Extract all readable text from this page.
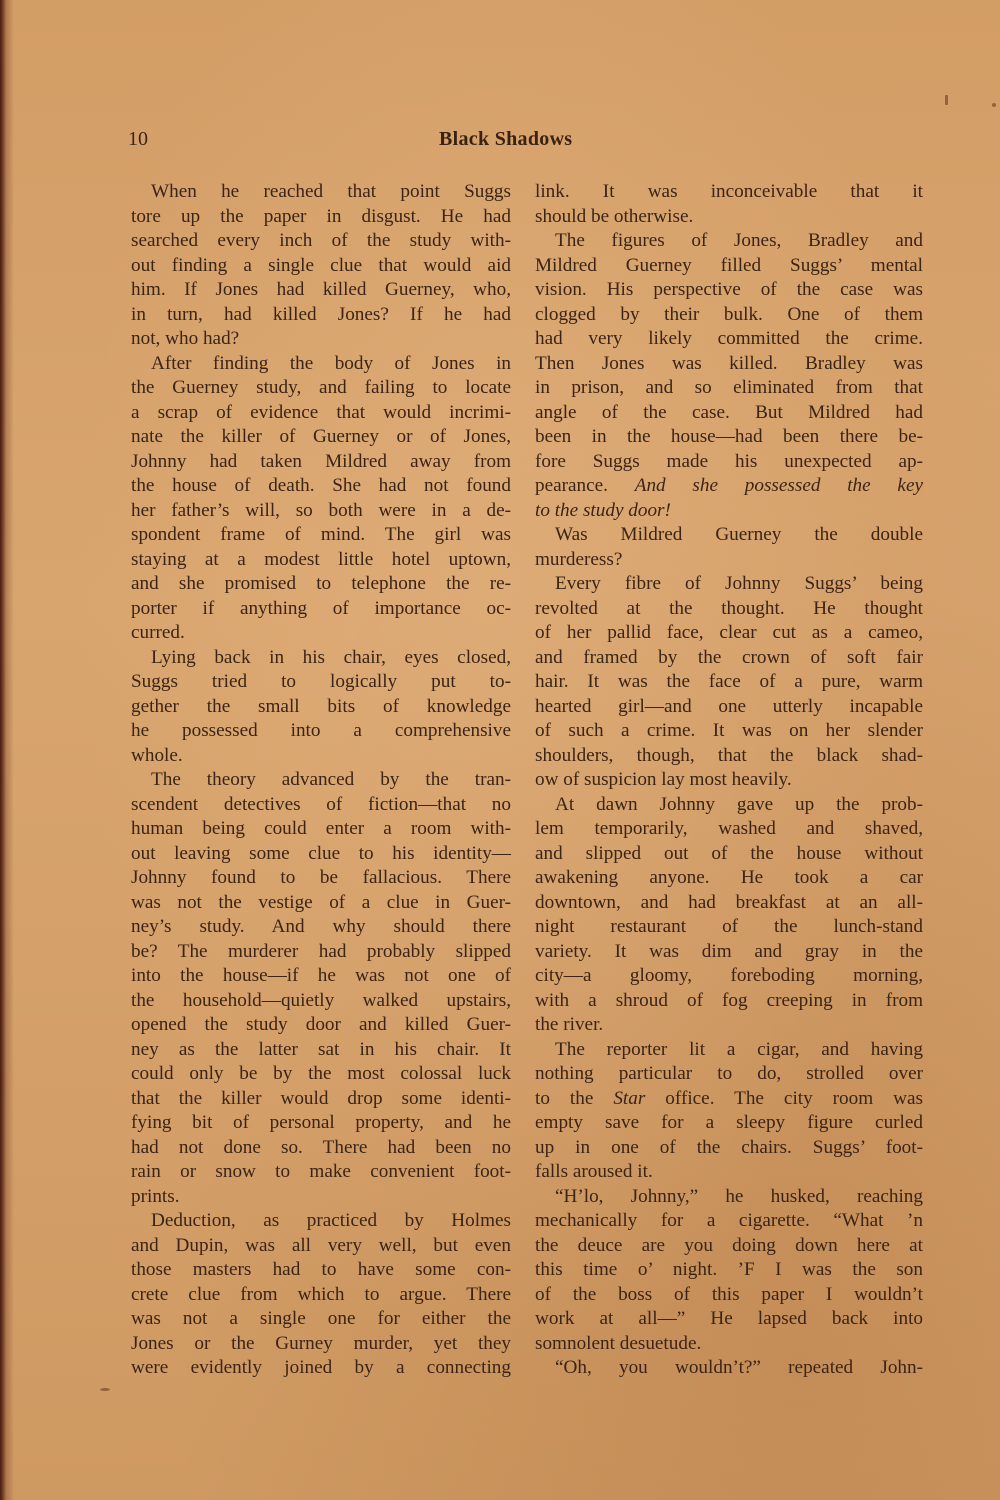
10	Black Shadows
When he reached that point Suggs
tore up the paper in disgust. He had
searched every inch of the study with-
out finding a single clue that would aid
him. If Jones had killed Guerney, who,
in turn, had killed Jones? If he had
not, who had?
After finding the body of Jones in
the Guerney study, and failing to locate
a scrap of evidence that would incrimi-
nate the killer of Guerney or of Jones,
Johnny had taken Mildred away from
the house of death. She had not found
her father’s will, so both were in a de-
spondent frame of mind. The girl was
staying at a modest little hotel uptown,
and she promised to telephone the re-
porter if anything of importance oc-
curred.
Lying back in his chair, eyes closed,
Suggs tried to logically put to-
gether the small bits of knowledge
he possessed into a comprehensive
whole.
The theory advanced by the tran-
scendent detectives of fiction—that no
human being could enter a room with-
out leaving some clue to his identity—
Johnny found to be fallacious. There
was not the vestige of a clue in Guer-
ney’s study. And why should there
be? The murderer had probably slipped
into the house—if he was not one of
the household—quietly walked upstairs,
opened the study door and killed Guer-
ney as the latter sat in his chair. It
could only be by the most colossal luck
that the killer would drop some identi-
fying bit of personal property, and he
had not done so. There had been no
rain or snow to make convenient foot-
prints.
Deduction, as practiced by Holmes
and Dupin, was all very well, but even
those masters had to have some con-
crete clue from which to argue. There
was not a single one for either the
Jones or the Gurney murder, yet they
were evidently joined by a connecting
link. It was inconceivable that it
should be otherwise.
The figures of Jones, Bradley and
Mildred Guerney filled Suggs’ mental
vision. His perspective of the case was
clogged by their bulk. One of them
had very likely committed the crime.
Then Jones was killed. Bradley was
in prison, and so eliminated from that
angle of the case. But Mildred had
been in the house—had been there be-
fore Suggs made his unexpected ap-
pearance. And she possessed the key
to the study door!
Was Mildred Guerney the double
murderess?
Every fibre of Johnny Suggs’ being
revolted at the thought. He thought
of her pallid face, clear cut as a cameo,
and framed by the crown of soft fair
hair. It was the face of a pure, warm
hearted girl—and one utterly incapable
of such a crime. It was on her slender
shoulders, though, that the black shad-
ow of suspicion lay most heavily.
At dawn Johnny gave up the prob-
lem temporarily, washed and shaved,
and slipped out of the house without
awakening anyone. He took a car
downtown, and had breakfast at an all-
night restaurant of the lunch-stand
variety. It was dim and gray in the
city—a gloomy, foreboding morning,
with a shroud of fog creeping in from
the river.
The reporter lit a cigar, and having
nothing particular to do, strolled over
to the Star office. The city room was
empty save for a sleepy figure curled
up in one of the chairs. Suggs’ foot-
falls aroused it.
“H’lo, Johnny,” he husked, reaching
mechanically for a cigarette. “What ’n
the deuce are you doing down here at
this time o’ night. ’F I was the son
of the boss of this paper I wouldn’t
work at all—” He lapsed back into
somnolent desuetude.
“Oh, you wouldn’t?” repeated John-
